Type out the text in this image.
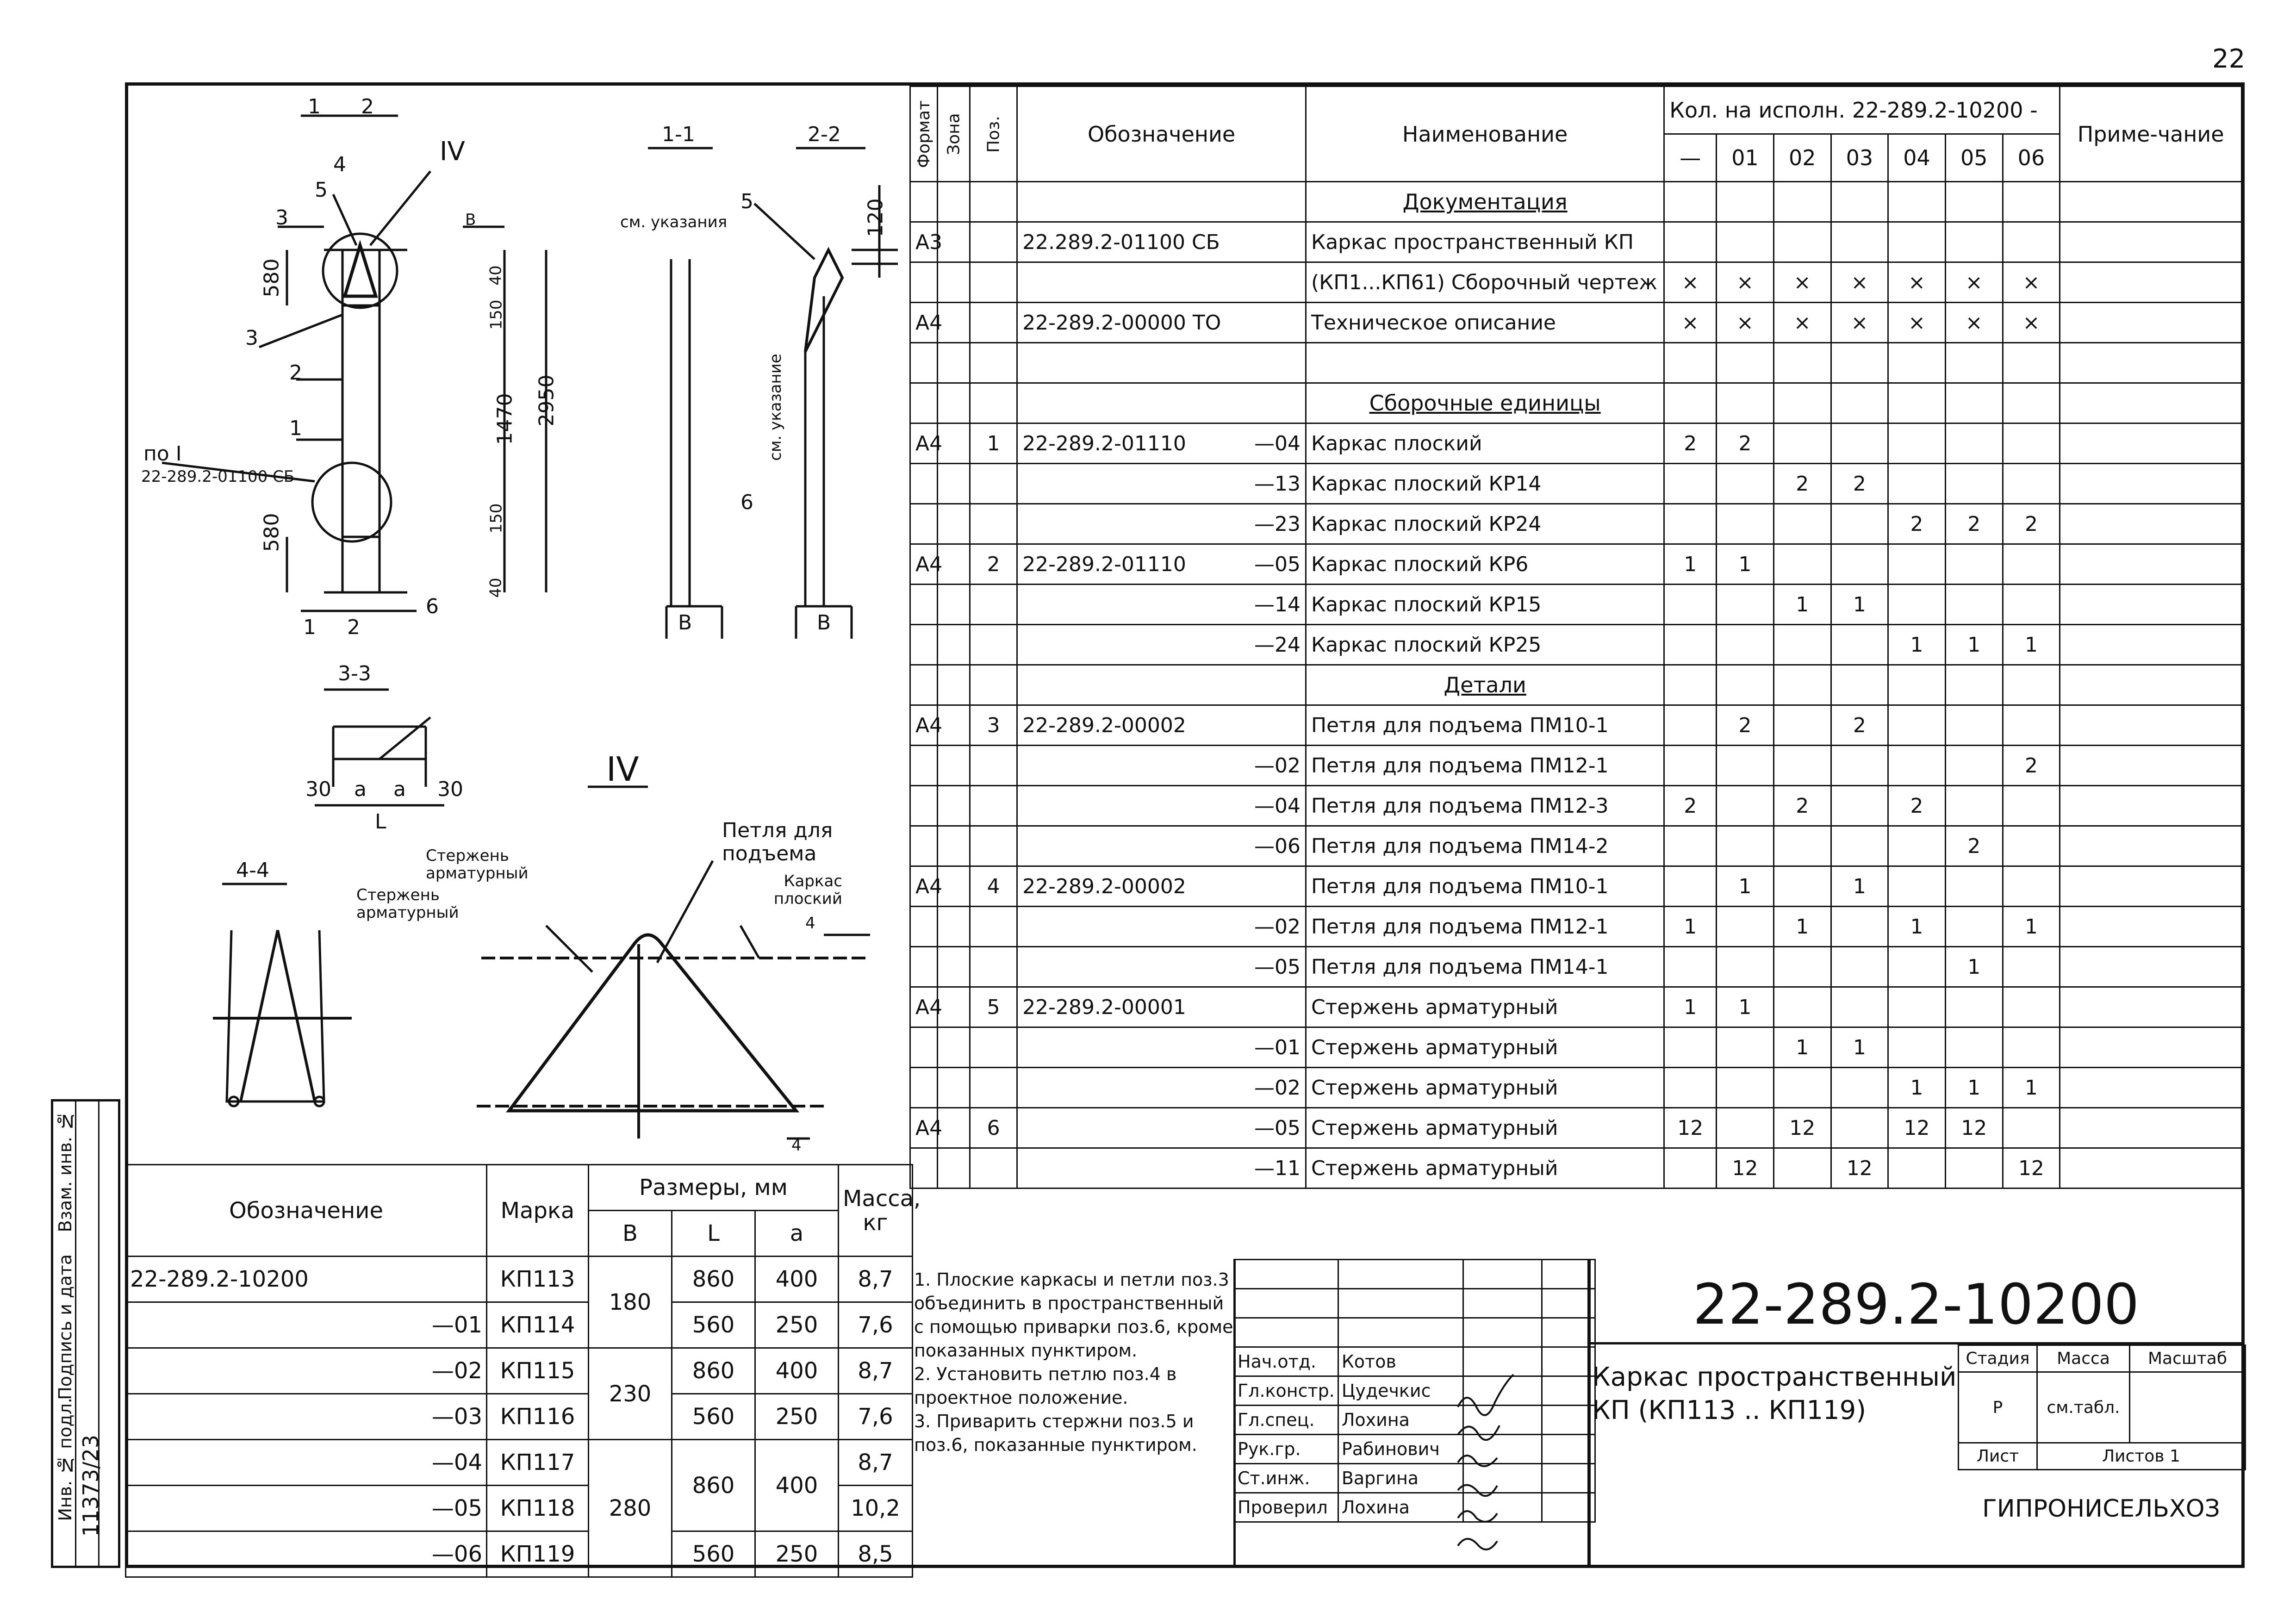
22
1-1	2-2
3-3
4-4
IV
IV
1 2
3
4
5
3
2
1
1 2
6
B
580
2950
1470
150
150
580
40
40
120
по I
22-289.2-01100 СБ
см. указания
5
см. указание
6
B	B
30 a a 30
L
Стержень арматурный
Стержень арматурный
Петля для подъема
Каркас плоский
4
4
Формат	Зона	Поз.	Обозначение	Наименование	Кол. на исполн. 22-289.2-10200 -							Приме-чание
					—	01	02	03	04	05	06	

	Документация								
А3			22.289.2-01100 СБ	Каркас пространственный КП								

	(КП1...КП61) Сборочный чертеж	×	×	×	×	×	×	×	
А4			22-289.2-00000 ТО	Техническое описание	×	×	×	×	×	×	×	

	Сборочные единицы								
А4		1	22-289.2-01110 —04	Каркас плоский	2	2						

			—13	Каркас плоский КР14			2	2				

			—23	Каркас плоский КР24					2	2	2	
А4		2	22-289.2-01110 —05	Каркас плоский КР6	1	1						

			—14	Каркас плоский КР15			1	1				

			—24	Каркас плоский КР25					1	1	1	

	Детали								
А4		3	22-289.2-00002	Петля для подъема ПМ10-1		2		2				

			—02	Петля для подъема ПМ12-1							2	

			—04	Петля для подъема ПМ12-3	2		2		2			

			—06	Петля для подъема ПМ14-2						2		
А4		4	22-289.2-00002	Петля для подъема ПМ10-1		1		1				

			—02	Петля для подъема ПМ12-1	1		1		1		1	

			—05	Петля для подъема ПМ14-1						1		
А4		5	22-289.2-00001	Стержень арматурный	1	1						

			—01	Стержень арматурный			1	1				

			—02	Стержень арматурный					1	1	1	
А4		6	—05	Стержень арматурный	12		12		12	12		

			—11	Стержень арматурный		12		12			12	
Обозначение	Марка	Размеры, мм			Масса, кг
		B	L	a	
22-289.2-10200	КП113	180	860	400	8,7
—01	КП114		560	250	7,6
—02	КП115	230	860	400	8,7
—03	КП116		560	250	7,6
—04	КП117	280	860	400	8,7
—05	КП118				10,2
—06	КП119		560	250	8,5

1. Плоские каркасы и петли поз.3 объединить в пространственный с помощью приварки поз.6, кроме показанных пунктиром.

2. Установить петлю поз.4 в проектное положение.

3. Приварить стержни поз.5 и поз.6, показанные пунктиром.

Нач.отд.	Котов		
Гл.констр.	Цудечкис		
Гл.спец.	Лохина		
Рук.гр.	Рабинович		
Ст.инж.	Варгина		
Проверил	Лохина		
22-289.2-10200
Каркас пространственный КП (КП113 .. КП119)
Стадия	Масса	Масштаб
Р	см.табл.	
Лист	Листов 1	
ГИПРОНИСЕЛЬХОЗ
Инв. № подл. 11373/23
Подпись и дата
Взам. инв. №
